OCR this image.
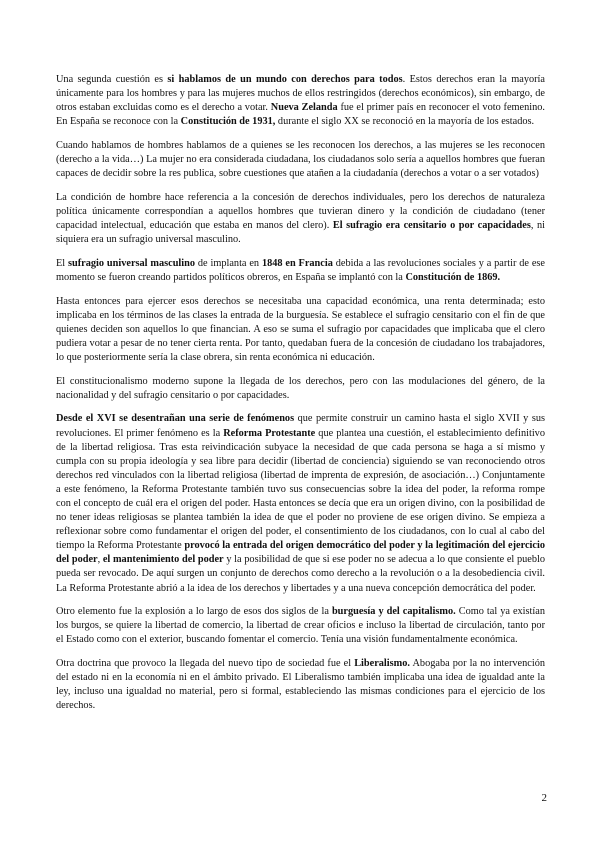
Una segunda cuestión es si hablamos de un mundo con derechos para todos. Estos derechos eran la mayoría únicamente para los hombres y para las mujeres muchos de ellos restringidos (derechos económicos), sin embargo, de otros estaban excluidas como es el derecho a votar. Nueva Zelanda fue el primer país en reconocer el voto femenino. En España se reconoce con la Constitución de 1931, durante el siglo XX se reconoció en la mayoría de los estados.

Cuando hablamos de hombres hablamos de a quienes se les reconocen los derechos, a las mujeres se les reconocen (derecho a la vida…) La mujer no era considerada ciudadana, los ciudadanos solo sería a aquellos hombres que fueran capaces de decidir sobre la res publica, sobre cuestiones que atañen a la ciudadanía (derechos a votar o a ser votados)

La condición de hombre hace referencia a la concesión de derechos individuales, pero los derechos de naturaleza política únicamente correspondían a aquellos hombres que tuvieran dinero y la condición de ciudadano (tener capacidad intelectual, educación que estaba en manos del clero). El sufragio era censitario o por capacidades, ni siquiera era un sufragio universal masculino.

El sufragio universal masculino de implanta en 1848 en Francia debida a las revoluciones sociales y a partir de ese momento se fueron creando partidos políticos obreros, en España se implantó con la Constitución de 1869.

Hasta entonces para ejercer esos derechos se necesitaba una capacidad económica, una renta determinada; esto implicaba en los términos de las clases la entrada de la burguesía. Se establece el sufragio censitario con el fin de que quienes deciden son aquellos lo que financian. A eso se suma el sufragio por capacidades que implicaba que el clero pudiera votar a pesar de no tener cierta renta. Por tanto, quedaban fuera de la concesión de ciudadano los trabajadores, lo que posteriormente sería la clase obrera, sin renta económica ni educación.

El constitucionalismo moderno supone la llegada de los derechos, pero con las modulaciones del género, de la nacionalidad y del sufragio censitario o por capacidades.

Desde el XVI se desentrañan una serie de fenómenos que permite construir un camino hasta el siglo XVII y sus revoluciones. El primer fenómeno es la Reforma Protestante que plantea una cuestión, el establecimiento definitivo de la libertad religiosa. Tras esta reivindicación subyace la necesidad de que cada persona se haga a sí mismo y cumpla con su propia ideología y sea libre para decidir (libertad de conciencia) siguiendo se van reconociendo otros derechos red vinculados con la libertad religiosa (libertad de imprenta de expresión, de asociación…) Conjuntamente a este fenómeno, la Reforma Protestante también tuvo sus consecuencias sobre la idea del poder, la reforma rompe con el concepto de cuál era el origen del poder. Hasta entonces se decía que era un origen divino, con la posibilidad de no tener ideas religiosas se plantea también la idea de que el poder no proviene de ese origen divino. Se empieza a reflexionar sobre como fundamentar el origen del poder, el consentimiento de los ciudadanos, con lo cual al cabo del tiempo la Reforma Protestante provocó la entrada del origen democrático del poder y la legitimación del ejercicio del poder, el mantenimiento del poder y la posibilidad de que si ese poder no se adecua a lo que consiente el pueblo pueda ser revocado. De aquí surgen un conjunto de derechos como derecho a la revolución o a la desobediencia civil. La Reforma Protestante abrió a la idea de los derechos y libertades y a una nueva concepción democrática del poder.

Otro elemento fue la explosión a lo largo de esos dos siglos de la burguesía y del capitalismo. Como tal ya existían los burgos, se quiere la libertad de comercio, la libertad de crear oficios e incluso la libertad de circulación, tanto por el Estado como con el exterior, buscando fomentar el comercio. Tenía una visión fundamentalmente económica.

Otra doctrina que provoco la llegada del nuevo tipo de sociedad fue el Liberalismo. Abogaba por la no intervención del estado ni en la economía ni en el ámbito privado. El Liberalismo también implicaba una idea de igualdad ante la ley, incluso una igualdad no material, pero si formal, estableciendo las mismas condiciones para el ejercicio de los derechos.

2
